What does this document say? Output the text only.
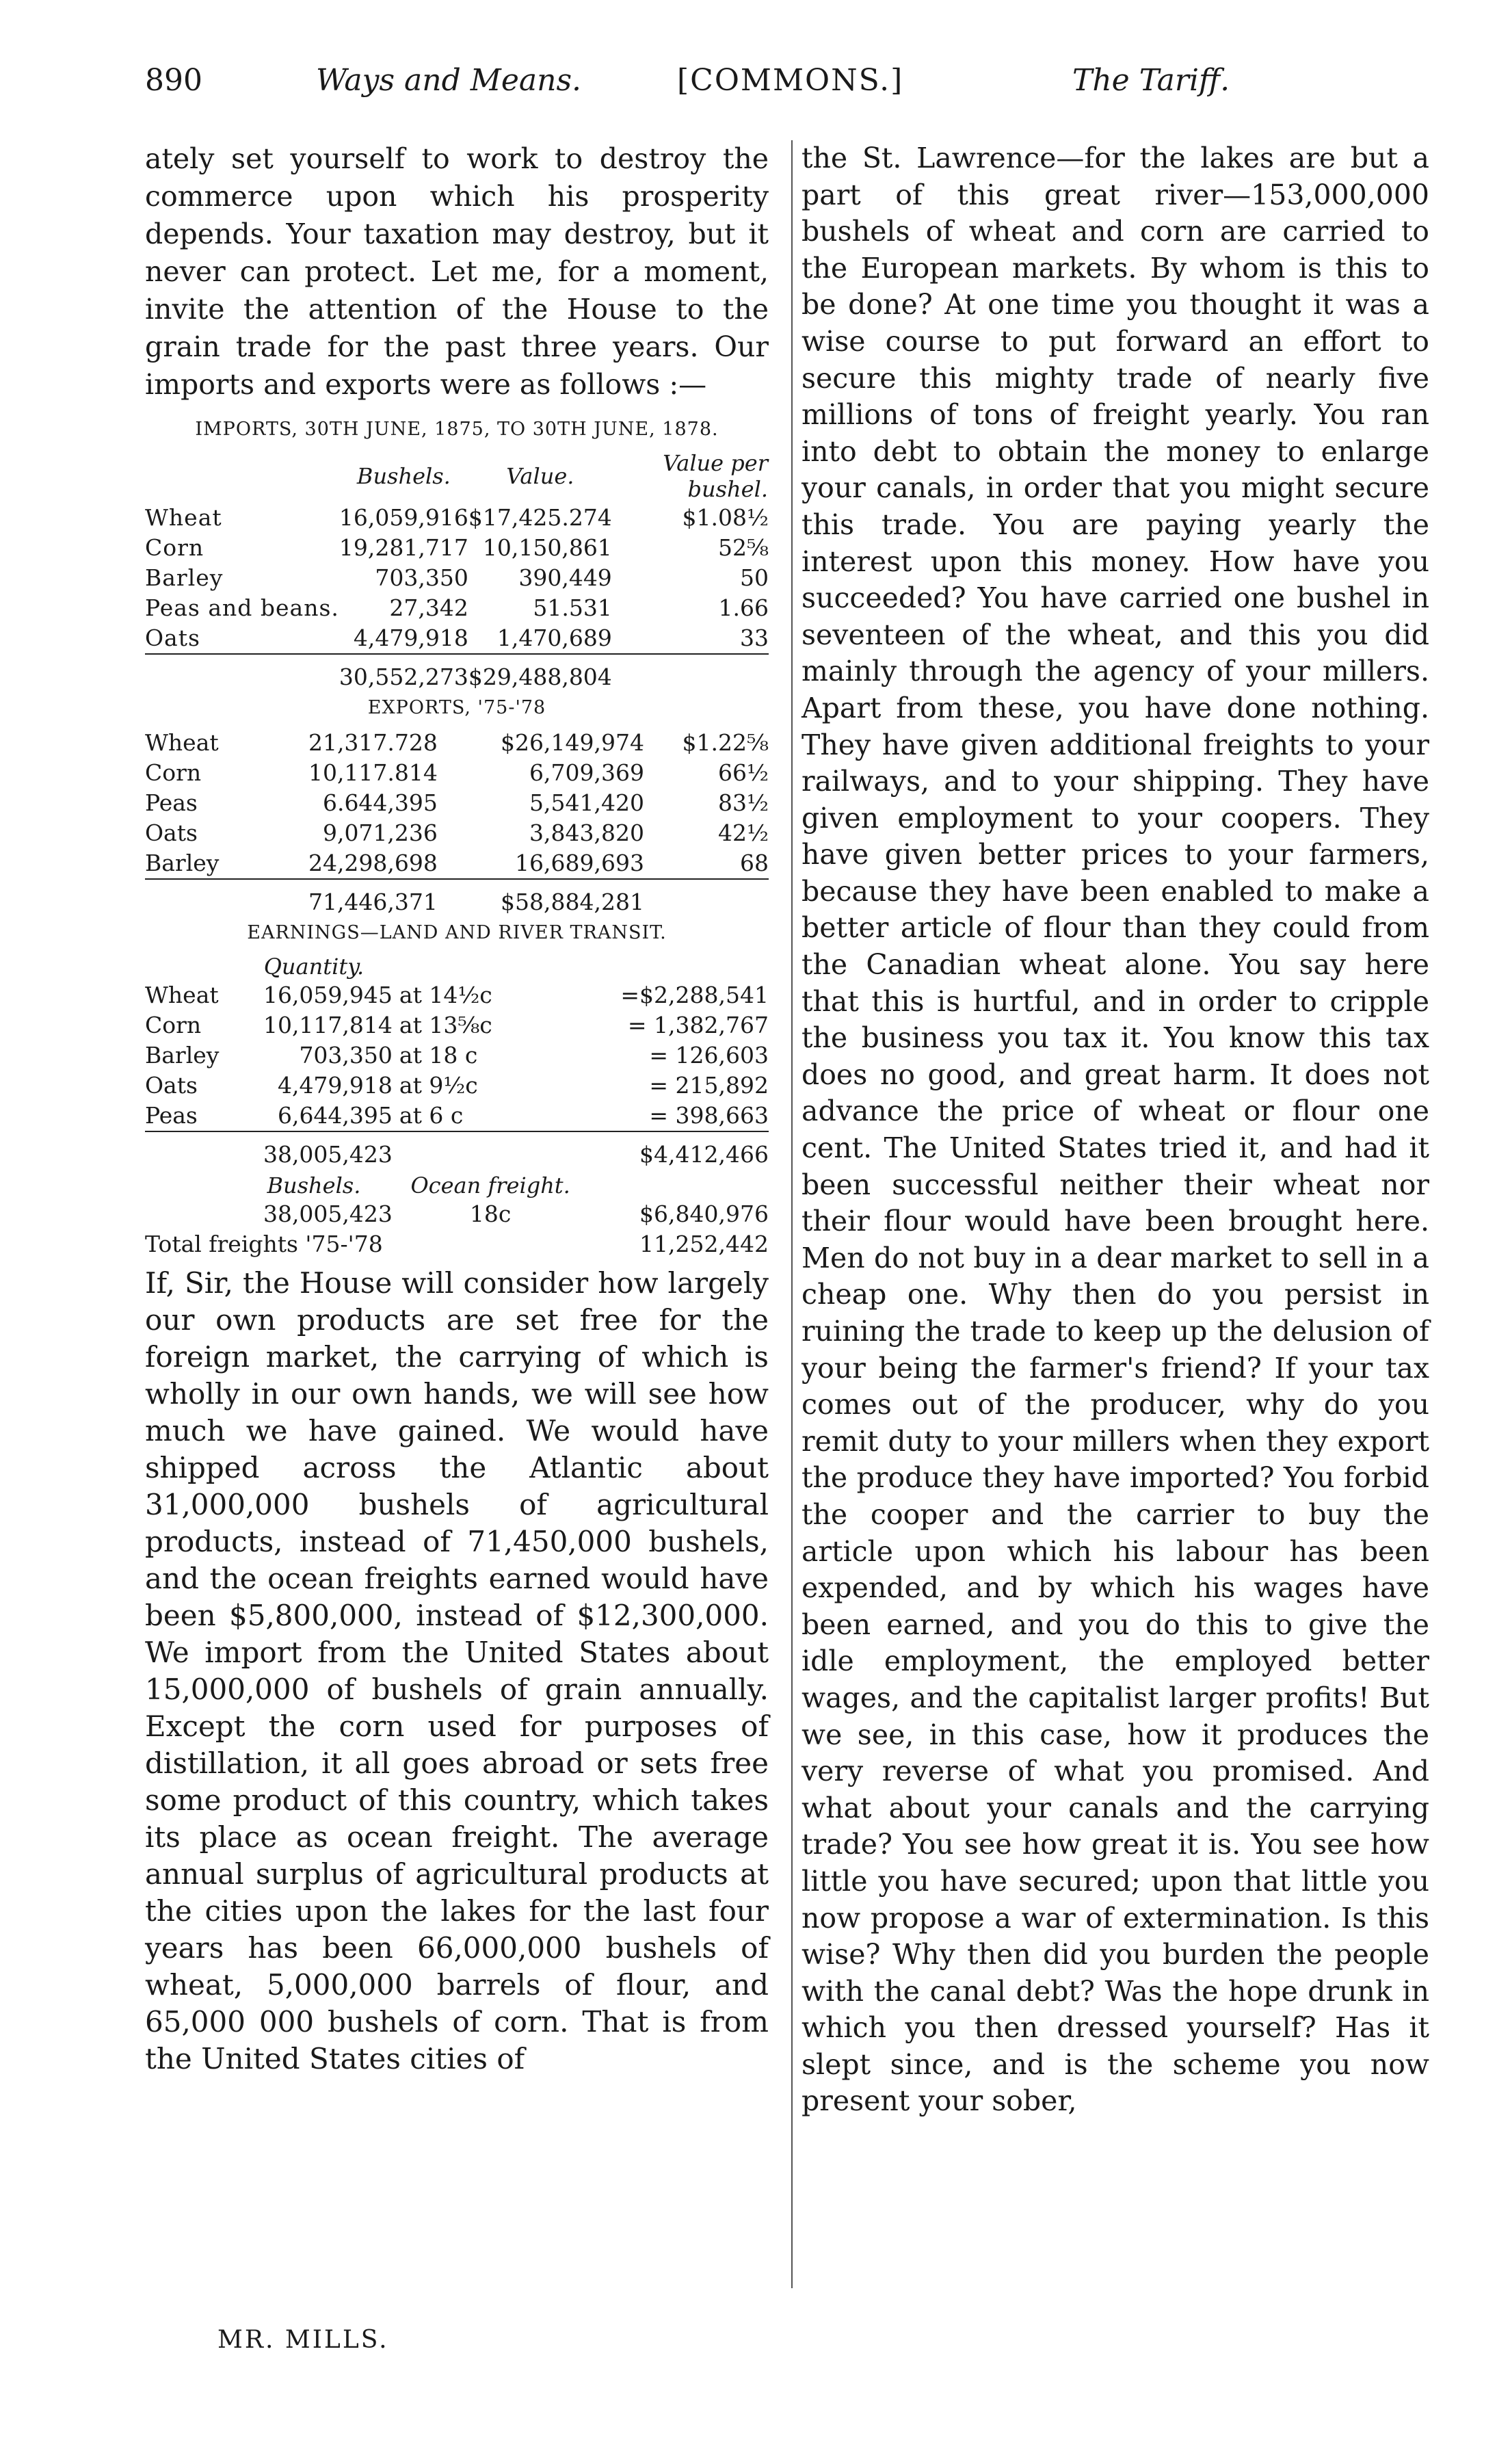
890	Ways and Means.	[COMMONS.]	The Tariff.

ately set yourself to work to destroy the commerce upon which his prosperity depends. Your taxation may destroy, but it never can protect. Let me, for a moment, invite the attention of the House to the grain trade for the past three years. Our imports and exports were as follows :—

IMPORTS, 30TH JUNE, 1875, TO 30TH JUNE, 1878.
	Bushels.	Value.	Value per bushel.
Wheat	16,059,916	$17,425.274	$1.08½
Corn	19,281,717	10,150,861	52⅝
Barley	703,350	390,449	50
Peas and beans.	27,342	51.531	1.66
Oats	4,479,918	1,470,689	33
	30,552,273	$29,488,804	
EXPORTS, '75-'78
Wheat	21,317.728	$26,149,974	$1.22⅝
Corn	10,117.814	6,709,369	66½
Peas	6.644,395	5,541,420	83½
Oats	9,071,236	3,843,820	42½
Barley	24,298,698	16,689,693	68
	71,446,371	$58,884,281	
EARNINGS—LAND AND RIVER TRANSIT.
	Quantity.		
Wheat	16,059,945	at 14½c	=$2,288,541
Corn	10,117,814	at 13⅝c	= 1,382,767
Barley	703,350	at 18 c	= 126,603
Oats	4,479,918	at 9½c	= 215,892
Peas	6,644,395	at 6 c	= 398,663
	38,005,423		$4,412,466
	Bushels.	Ocean freight.	
	38,005,423	18c	$6,840,976
Total freights '75-'78	11,252,442

If, Sir, the House will consider how largely our own products are set free for the foreign market, the carrying of which is wholly in our own hands, we will see how much we have gained. We would have shipped across the Atlantic about 31,000,000 bushels of agricultural products, instead of 71,450,000 bushels, and the ocean freights earned would have been $5,800,000, instead of $12,300,000. We import from the United States about 15,000,000 of bushels of grain annually. Except the corn used for purposes of distillation, it all goes abroad or sets free some product of this country, which takes its place as ocean freight. The average annual surplus of agricultural products at the cities upon the lakes for the last four years has been 66,000,000 bushels of wheat, 5,000,000 barrels of flour, and 65,000 000 bushels of corn. That is from the United States cities of

the St. Lawrence—for the lakes are but a part of this great river—153,000,000 bushels of wheat and corn are carried to the European markets. By whom is this to be done? At one time you thought it was a wise course to put forward an effort to secure this mighty trade of nearly five millions of tons of freight yearly. You ran into debt to obtain the money to enlarge your canals, in order that you might secure this trade. You are paying yearly the interest upon this money. How have you succeeded? You have carried one bushel in seventeen of the wheat, and this you did mainly through the agency of your millers. Apart from these, you have done nothing. They have given additional freights to your railways, and to your shipping. They have given employment to your coopers. They have given better prices to your farmers, because they have been enabled to make a better article of flour than they could from the Canadian wheat alone. You say here that this is hurtful, and in order to cripple the business you tax it. You know this tax does no good, and great harm. It does not advance the price of wheat or flour one cent. The United States tried it, and had it been successful neither their wheat nor their flour would have been brought here. Men do not buy in a dear market to sell in a cheap one. Why then do you persist in ruining the trade to keep up the delusion of your being the farmer's friend? If your tax comes out of the producer, why do you remit duty to your millers when they export the produce they have imported? You forbid the cooper and the carrier to buy the article upon which his labour has been expended, and by which his wages have been earned, and you do this to give the idle employment, the employed better wages, and the capitalist larger profits! But we see, in this case, how it produces the very reverse of what you promised. And what about your canals and the carrying trade? You see how great it is. You see how little you have secured; upon that little you now propose a war of extermination. Is this wise? Why then did you burden the people with the canal debt? Was the hope drunk in which you then dressed yourself? Has it slept since, and is the scheme you now present your sober,

MR. MILLS.
